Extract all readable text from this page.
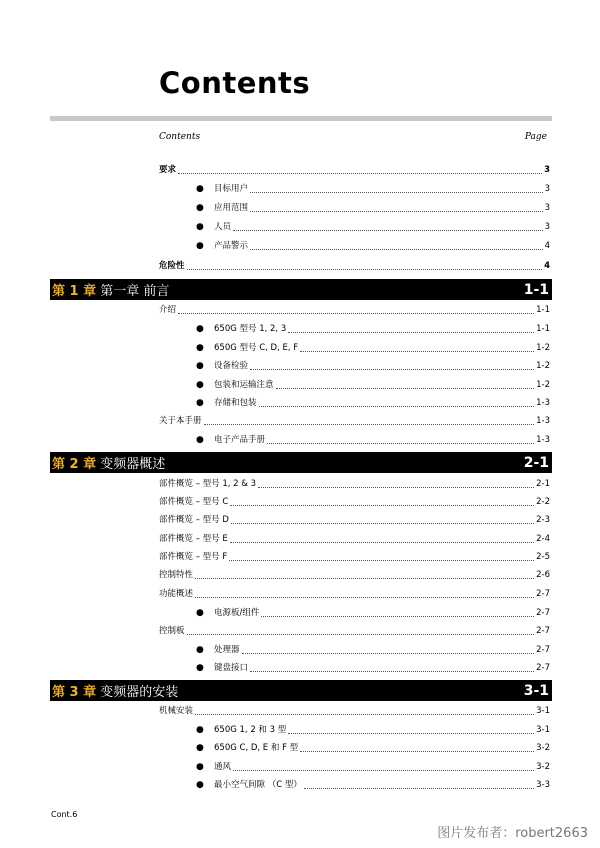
Contents
Contents	Page
要求	3
● 目标用户	3
● 应用范围	3
● 人员	3
● 产品警示	4
危险性	4
第 1 章 第一章 前言	1-1
介绍	1-1
● 650G 型号 1, 2, 3	1-1
● 650G 型号 C, D, E, F	1-2
● 设备检验	1-2
● 包装和运输注意	1-2
● 存储和包装	1-3
关于本手册	1-3
● 电子产品手册	1-3
第 2 章 变频器概述	2-1
部件概览 – 型号 1, 2 & 3	2-1
部件概览 – 型号 C	2-2
部件概览 – 型号 D	2-3
部件概览 – 型号 E	2-4
部件概览 – 型号 F	2-5
控制特性	2-6
功能概述	2-7
● 电源板/组件	2-7
控制板	2-7
● 处理器	2-7
● 键盘接口	2-7
第 3 章 变频器的安装	3-1
机械安装	3-1
● 650G 1, 2 和 3 型	3-1
● 650G C, D, E 和 F 型	3-2
● 通风	3-2
● 最小空气间隙 （C 型）	3-3
Cont.6
图片发布者：robert2663
